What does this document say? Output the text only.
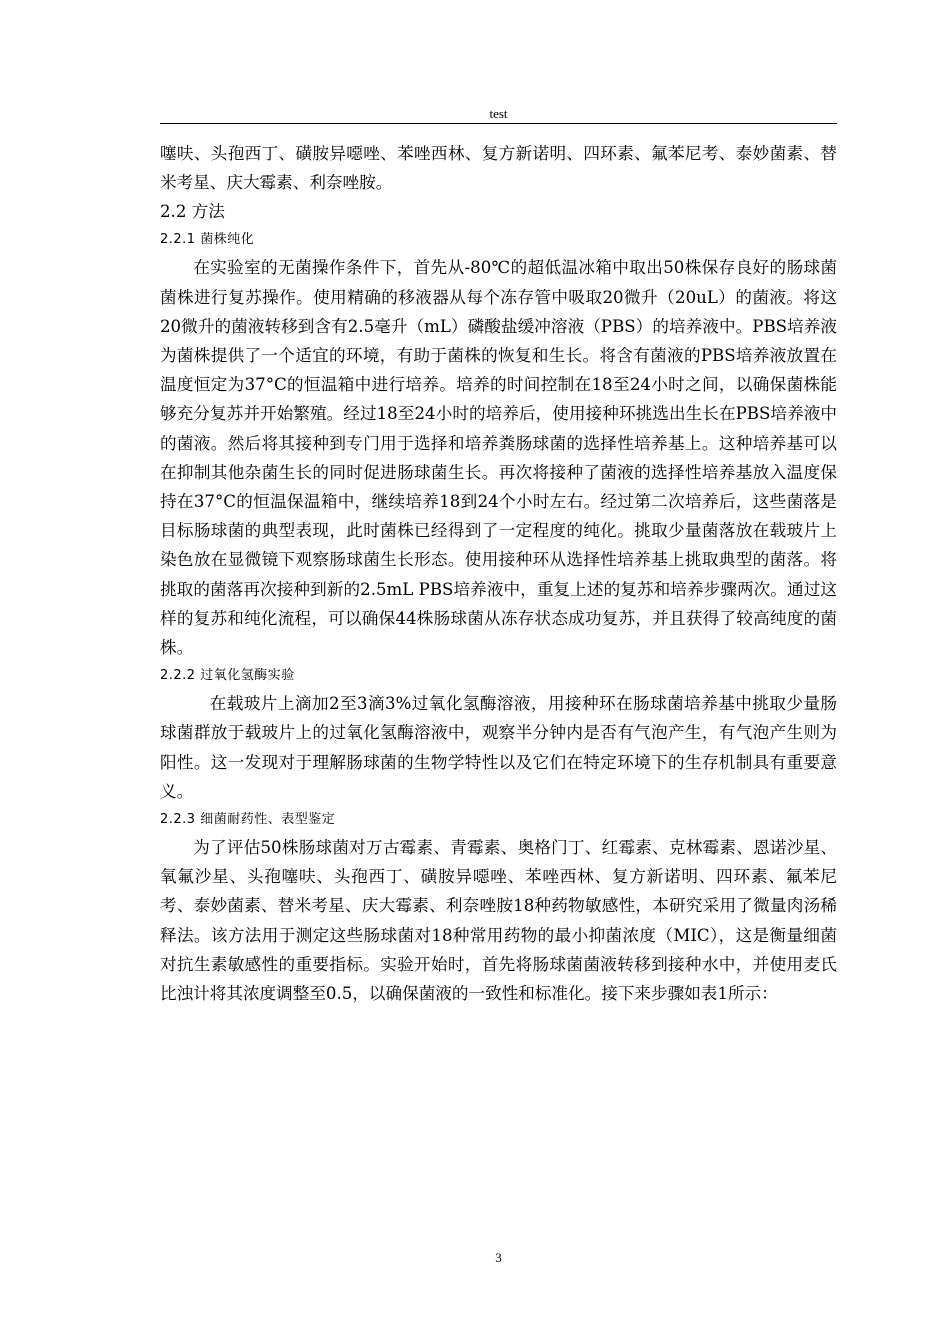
test

噻呋、头孢西丁、磺胺异噁唑、苯唑西林、复方新诺明、四环素、氟苯尼考、泰妙菌素、替米考星、庆大霉素、利奈唑胺。

2.2 方法

2.2.1 菌株纯化

在实验室的无菌操作条件下，首先从-80℃的超低温冰箱中取出50株保存良好的肠球菌菌株进行复苏操作。使用精确的移液器从每个冻存管中吸取20微升（20uL）的菌液。将这20微升的菌液转移到含有2.5毫升（mL）磷酸盐缓冲溶液（PBS）的培养液中。PBS培养液为菌株提供了一个适宜的环境，有助于菌株的恢复和生长。将含有菌液的PBS培养液放置在温度恒定为37°C的恒温箱中进行培养。培养的时间控制在18至24小时之间，以确保菌株能够充分复苏并开始繁殖。经过18至24小时的培养后，使用接种环挑选出生长在PBS培养液中的菌液。然后将其接种到专门用于选择和培养粪肠球菌的选择性培养基上。这种培养基可以在抑制其他杂菌生长的同时促进肠球菌生长。再次将接种了菌液的选择性培养基放入温度保持在37°C的恒温保温箱中，继续培养18到24个小时左右。经过第二次培养后，这些菌落是目标肠球菌的典型表现，此时菌株已经得到了一定程度的纯化。挑取少量菌落放在载玻片上染色放在显微镜下观察肠球菌生长形态。使用接种环从选择性培养基上挑取典型的菌落。将挑取的菌落再次接种到新的2.5mL PBS培养液中，重复上述的复苏和培养步骤两次。通过这样的复苏和纯化流程，可以确保44株肠球菌从冻存状态成功复苏，并且获得了较高纯度的菌株。

2.2.2 过氧化氢酶实验

在载玻片上滴加2至3滴3%过氧化氢酶溶液，用接种环在肠球菌培养基中挑取少量肠球菌群放于载玻片上的过氧化氢酶溶液中，观察半分钟内是否有气泡产生，有气泡产生则为阳性。这一发现对于理解肠球菌的生物学特性以及它们在特定环境下的生存机制具有重要意义。

2.2.3 细菌耐药性、表型鉴定

为了评估50株肠球菌对万古霉素、青霉素、奥格门丁、红霉素、克林霉素、恩诺沙星、氧氟沙星、头孢噻呋、头孢西丁、磺胺异噁唑、苯唑西林、复方新诺明、四环素、氟苯尼考、泰妙菌素、替米考星、庆大霉素、利奈唑胺18种药物敏感性，本研究采用了微量肉汤稀释法。该方法用于测定这些肠球菌对18种常用药物的最小抑菌浓度（MIC），这是衡量细菌对抗生素敏感性的重要指标。实验开始时，首先将肠球菌菌液转移到接种水中，并使用麦氏比浊计将其浓度调整至0.5，以确保菌液的一致性和标准化。接下来步骤如表1所示：

3
